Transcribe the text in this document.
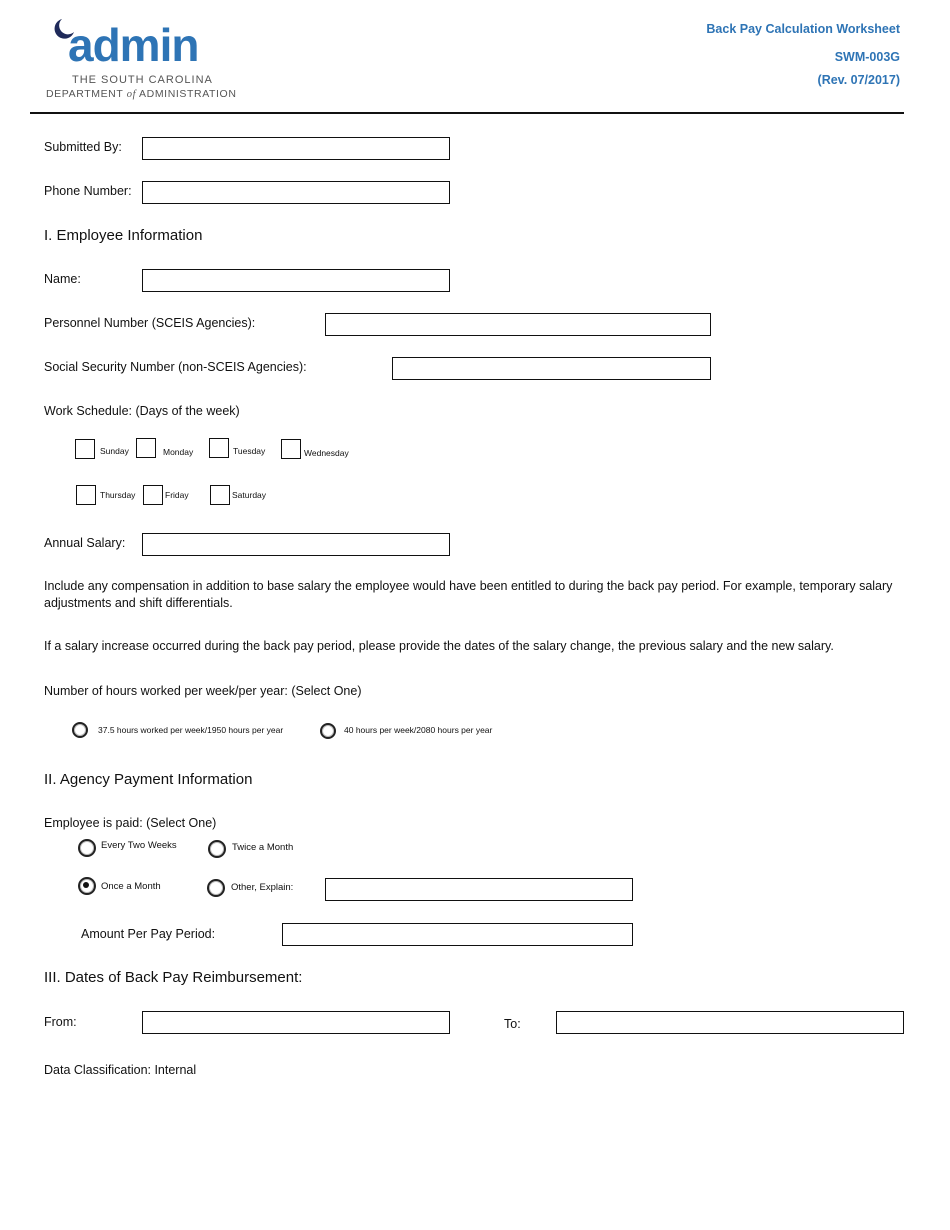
admin
THE SOUTH CAROLINA
DEPARTMENT of ADMINISTRATION
Back Pay Calculation Worksheet
SWM-003G
(Rev. 07/2017)
Submitted By:
Phone Number:
I. Employee Information
Name:
Personnel Number (SCEIS Agencies):
Social Security Number (non-SCEIS Agencies):
Work Schedule: (Days of the week)
Sunday	Monday	Tuesday	Wednesday
Thursday	Friday	Saturday
Annual Salary:
Include any compensation in addition to base salary the employee would have been entitled to during the back pay period. For example, temporary salary adjustments and shift differentials.
If a salary increase occurred during the back pay period, please provide the dates of the salary change, the previous salary and the new salary.
Number of hours worked per week/per year: (Select One)
37.5 hours worked per week/1950 hours per year	40 hours per week/2080 hours per year
II. Agency Payment Information
Employee is paid: (Select One)
Every Two Weeks	Twice a Month
Once a Month	Other, Explain:
Amount Per Pay Period:
III. Dates of Back Pay Reimbursement:
From:	To:
Data Classification: Internal
